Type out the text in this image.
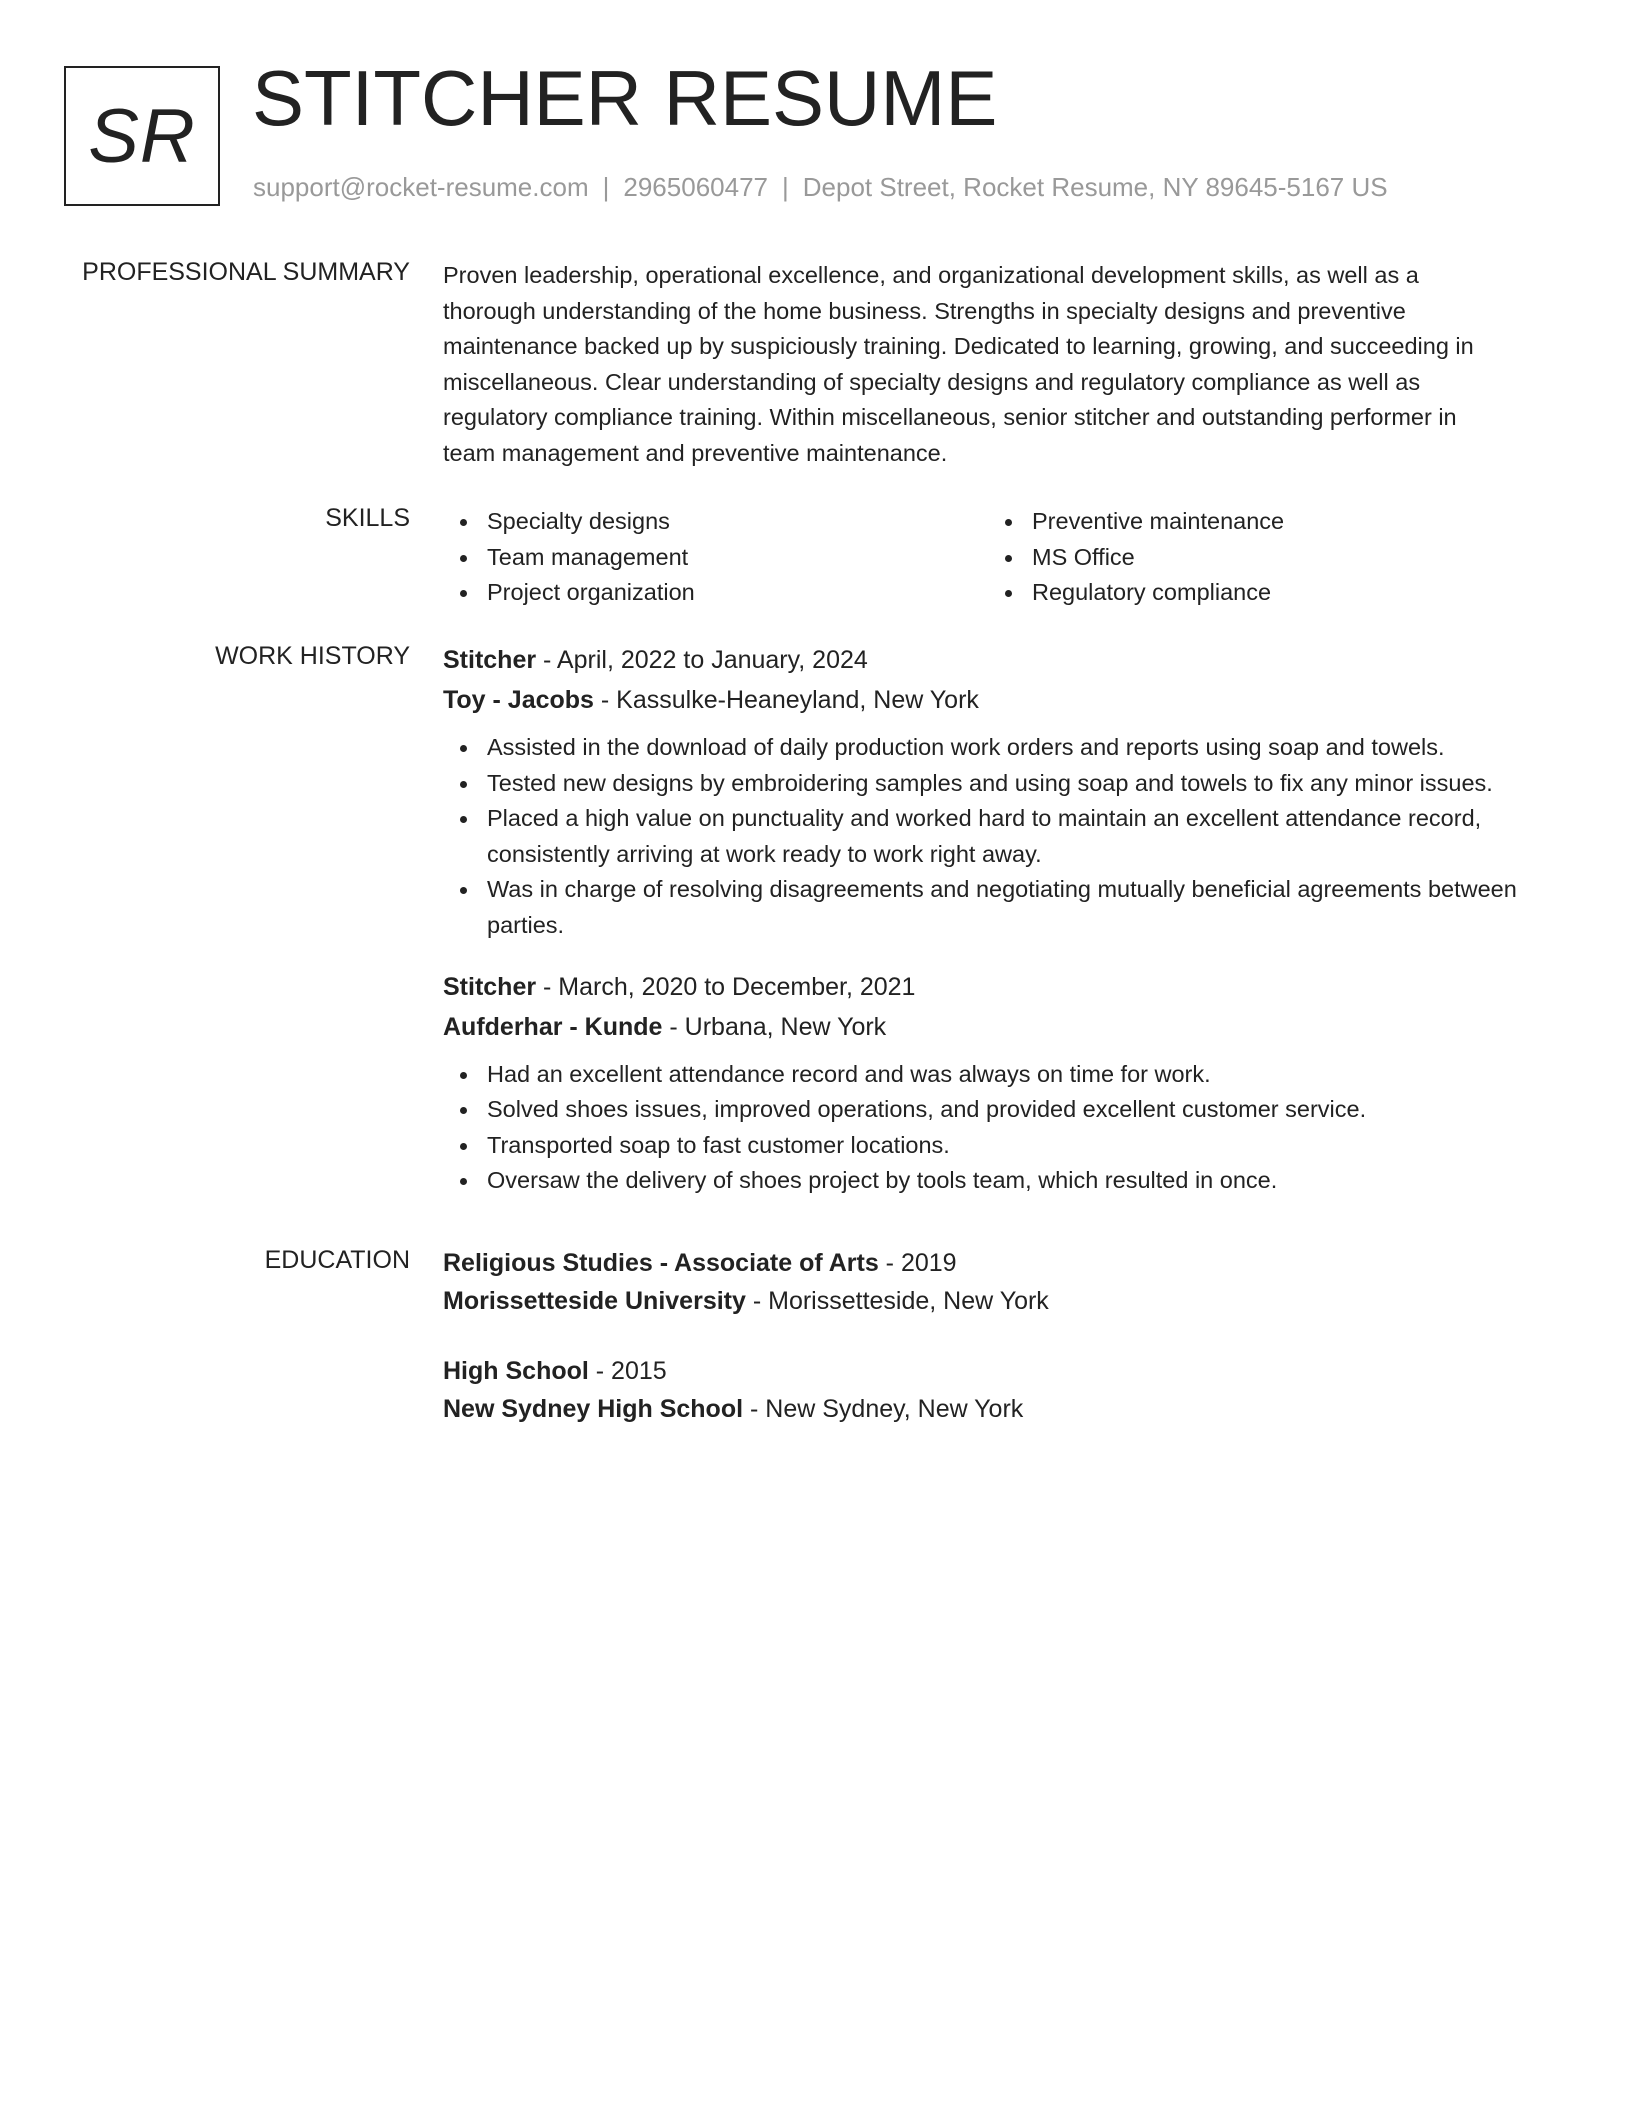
SR STITCHER RESUME
support@rocket-resume.com | 2965060477 | Depot Street, Rocket Resume, NY 89645-5167 US
PROFESSIONAL SUMMARY Proven leadership, operational excellence, and organizational development skills, as well as a
thorough understanding of the home business. Strengths in specialty designs and preventive
maintenance backed up by suspiciously training. Dedicated to learning, growing, and succeeding in
miscellaneous. Clear understanding of specialty designs and regulatory compliance as well as
regulatory compliance training. Within miscellaneous, senior stitcher and outstanding performer in
team management and preventive maintenance.
SKILLS	Specialty designs
Team management
Project organization
Preventive maintenance
MS Office
Regulatory compliance
WORK HISTORY Stitcher - April, 2022 to January, 2024
Toy - Jacobs - Kassulke-Heaneyland, New York
Assisted in the download of daily production work orders and reports using soap and towels.
Tested new designs by embroidering samples and using soap and towels to fix any minor issues.
Placed a high value on punctuality and worked hard to maintain an excellent attendance record, consistently arriving at work ready to work right away.
Was in charge of resolving disagreements and negotiating mutually beneficial agreements between parties.
Stitcher - March, 2020 to December, 2021
Aufderhar - Kunde - Urbana, New York
Had an excellent attendance record and was always on time for work.
Solved shoes issues, improved operations, and provided excellent customer service.
Transported soap to fast customer locations.
Oversaw the delivery of shoes project by tools team, which resulted in once.
EDUCATION Religious Studies - Associate of Arts - 2019
Morissetteside University - Morissetteside, New York
High School - 2015
New Sydney High School - New Sydney, New York
